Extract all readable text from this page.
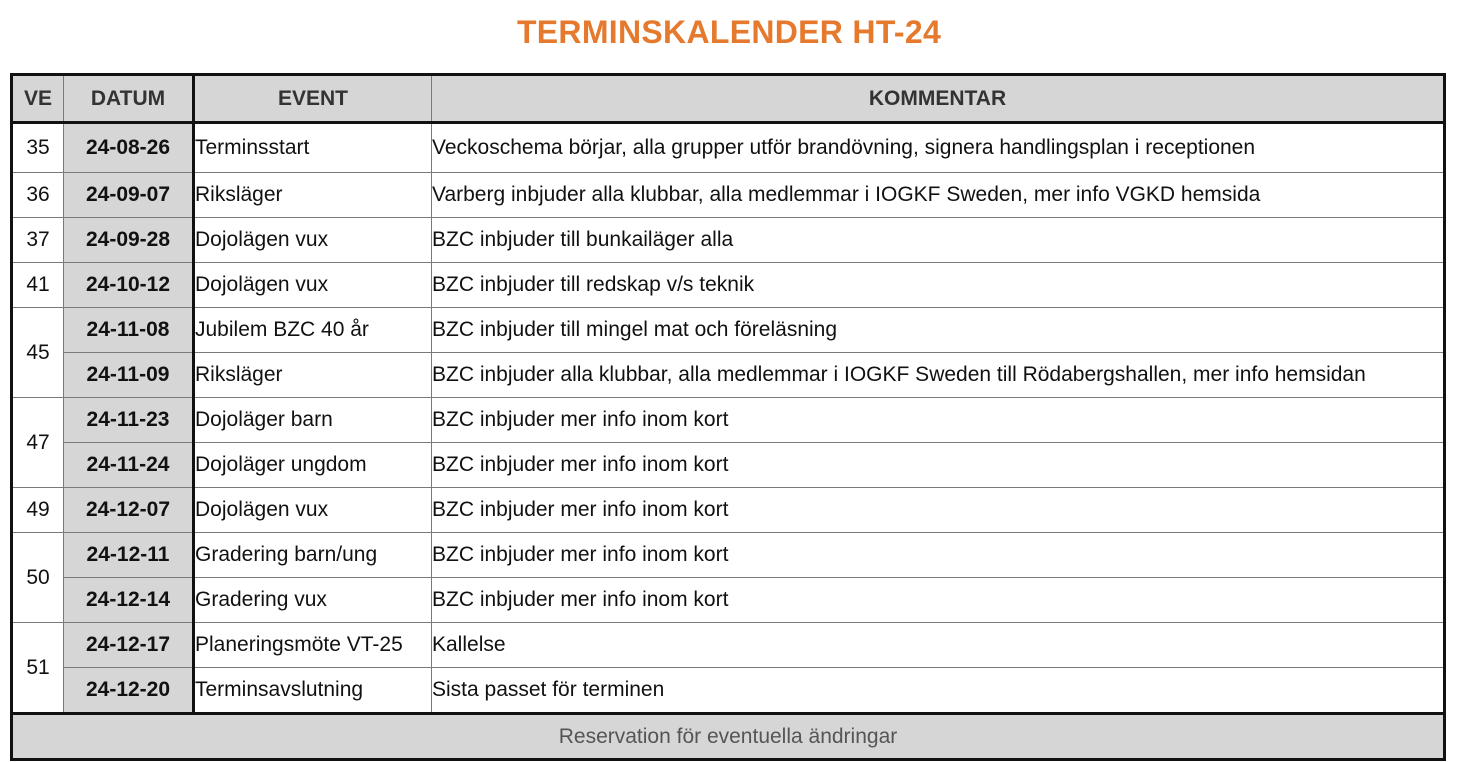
TERMINSKALENDER HT-24
VE	DATUM	EVENT	KOMMENTAR
35	24-08-26	Terminsstart	Veckoschema börjar, alla grupper utför brandövning, signera handlingsplan i receptionen
36	24-09-07	Riksläger	Varberg inbjuder alla klubbar, alla medlemmar i IOGKF Sweden, mer info VGKD hemsida
37	24-09-28	Dojolägen vux	BZC inbjuder till bunkailäger alla
41	24-10-12	Dojolägen vux	BZC inbjuder till redskap v/s teknik
45	24-11-08	Jubilem BZC 40 år	BZC inbjuder till mingel mat och föreläsning
	24-11-09	Riksläger	BZC inbjuder alla klubbar, alla medlemmar i IOGKF Sweden till Rödabergshallen, mer info hemsidan
47	24-11-23	Dojoläger barn	BZC inbjuder mer info inom kort
	24-11-24	Dojoläger ungdom	BZC inbjuder mer info inom kort
49	24-12-07	Dojolägen vux	BZC inbjuder mer info inom kort
50	24-12-11	Gradering barn/ung	BZC inbjuder mer info inom kort
	24-12-14	Gradering vux	BZC inbjuder mer info inom kort
51	24-12-17	Planeringsmöte VT-25	Kallelse
	24-12-20	Terminsavslutning	Sista passet för terminen
Reservation för eventuella ändringar			
